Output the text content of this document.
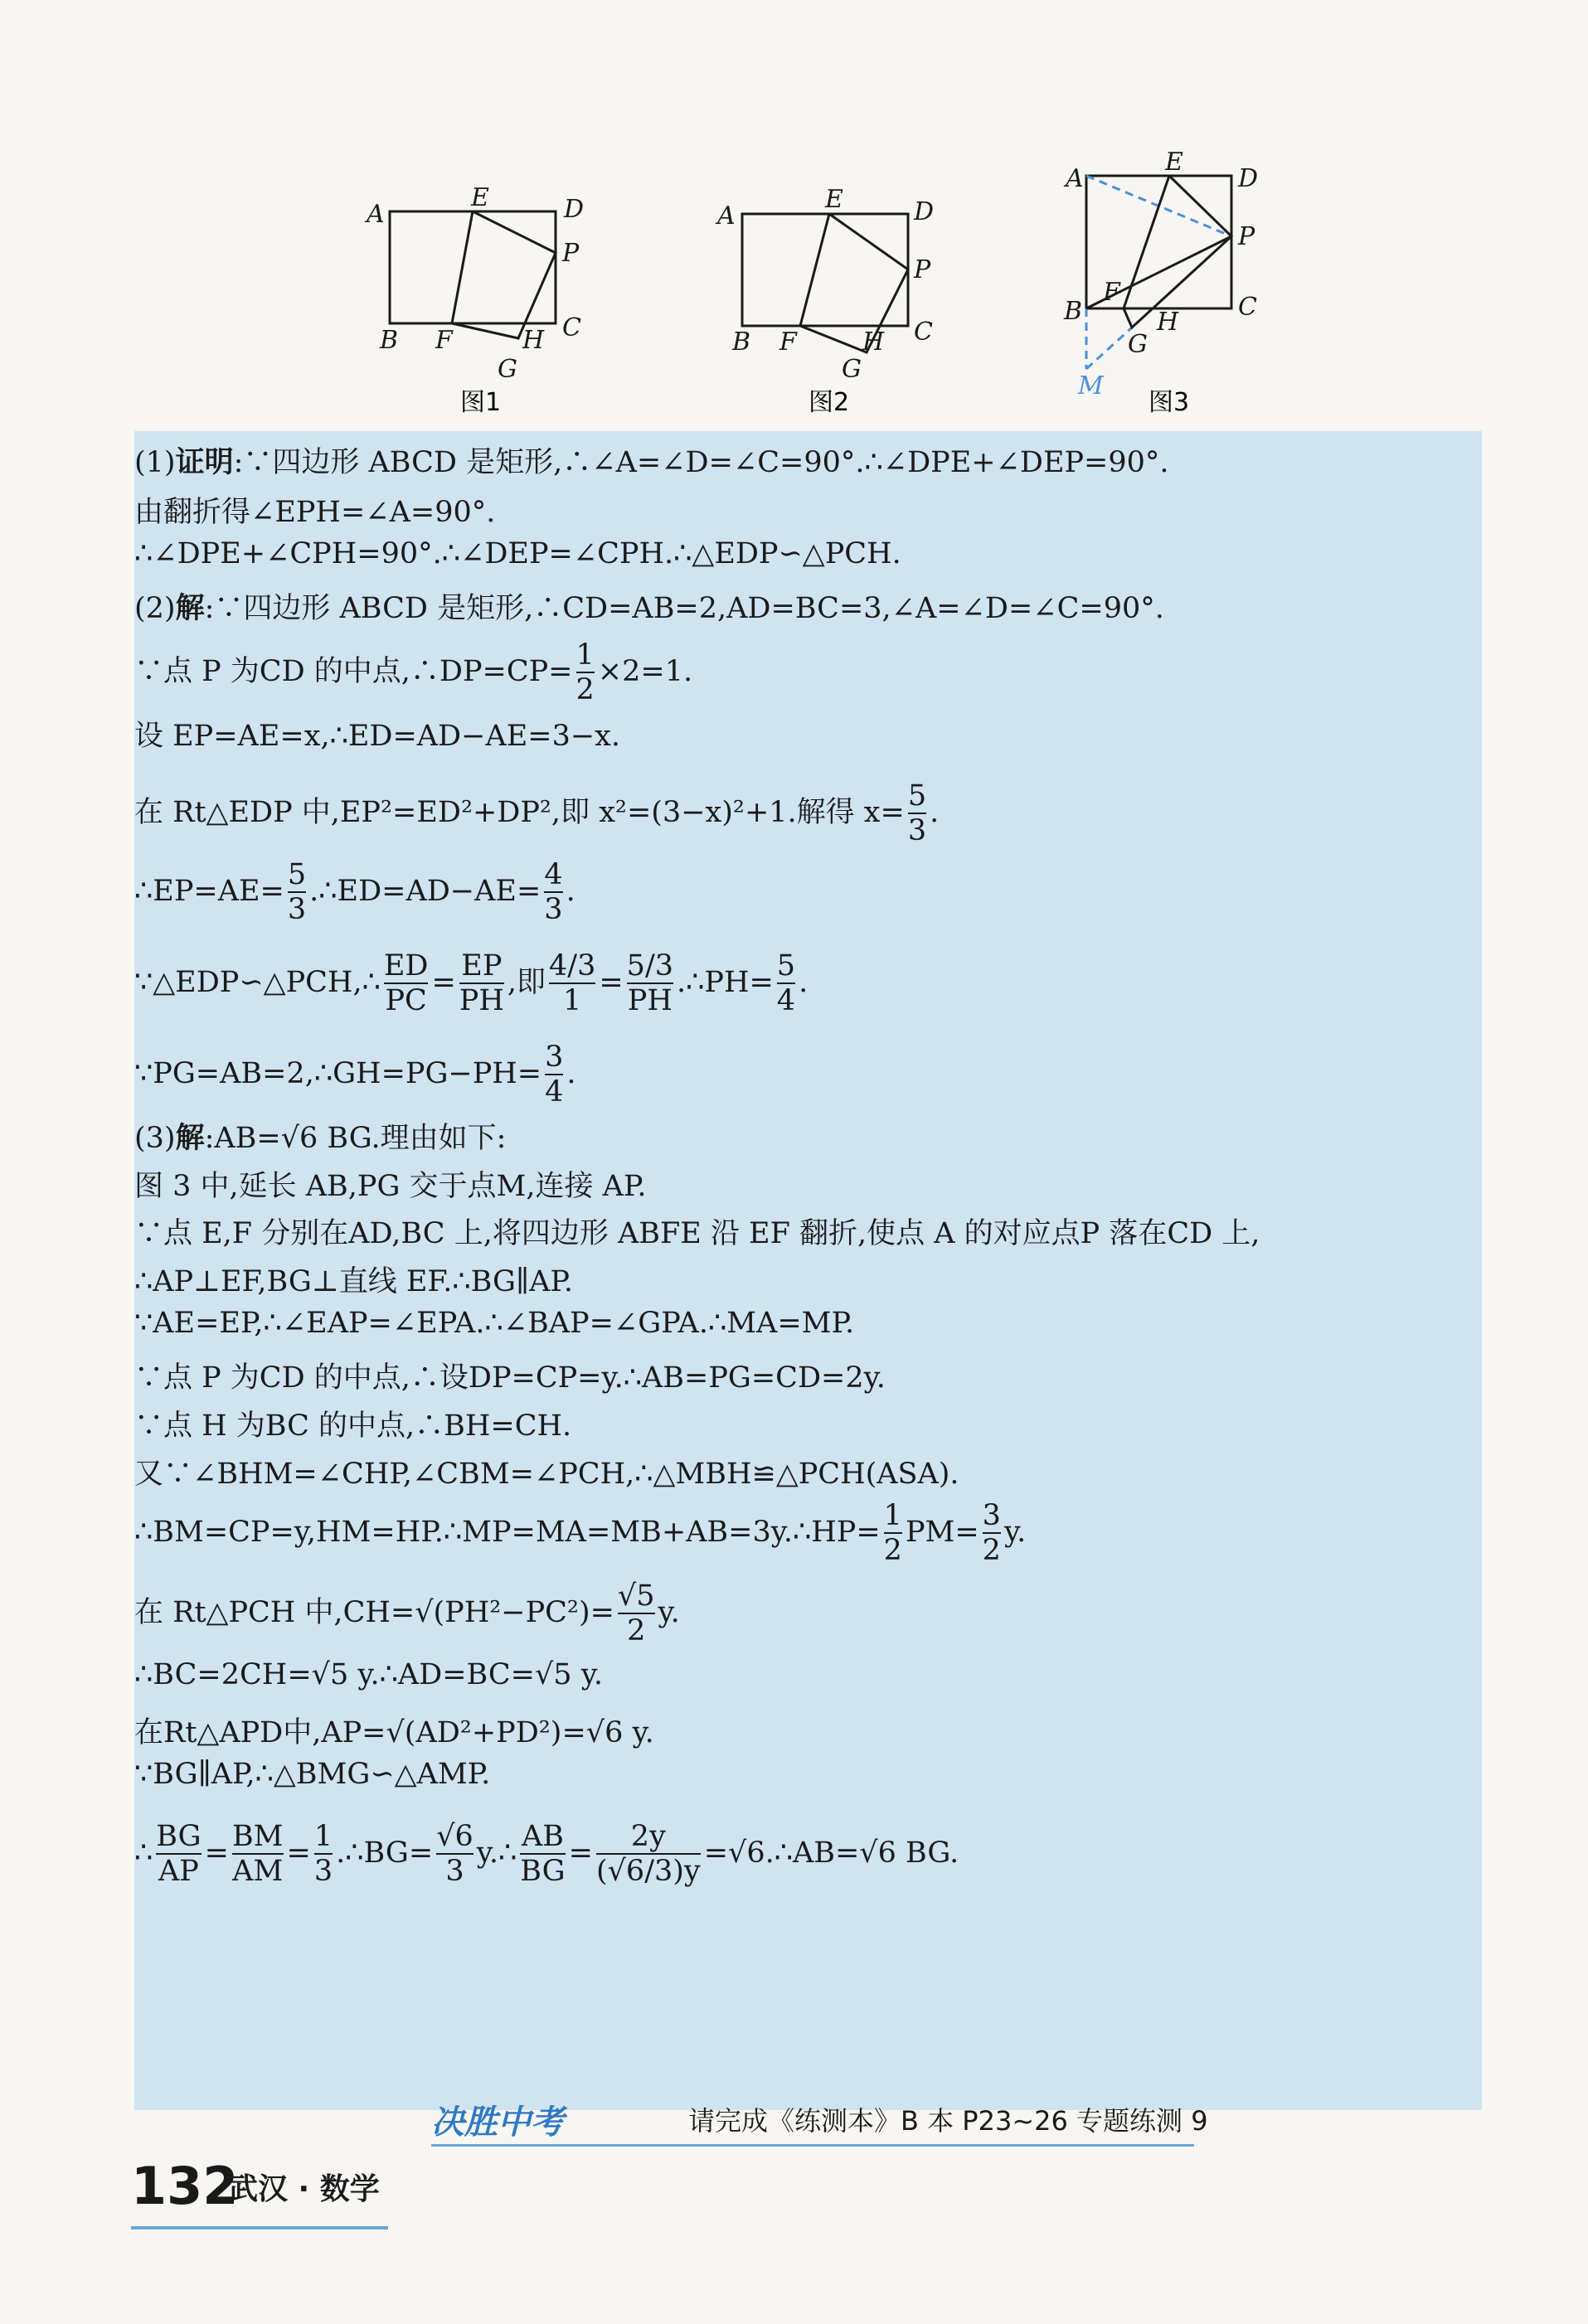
A
E	D
P
C
B F	H
G
A
E	D
P
C
B F	H
G
A
E
D
P
C
B
F
H
G
M
图1	图2	图3
(1)证明:∵四边形 ABCD 是矩形,∴∠A=∠D=∠C=90°.∴∠DPE+∠DEP=90°.
由翻折得∠EPH=∠A=90°.
∴∠DPE+∠CPH=90°.∴∠DEP=∠CPH.∴△EDP∽△PCH.
(2)解:∵四边形 ABCD 是矩形,∴CD=AB=2,AD=BC=3,∠A=∠D=∠C=90°.
∵点 P 为CD 的中点,∴DP=CP= $\frac{1}{2} \times 2=1$.
设 EP=AE=x,∴ED=AD−AE=3−x.
在 Rt△EDP 中,EP²=ED²+DP²,即 x²=(3−x)²+1.解得 $x= \frac{5}{3}$ .
∴EP=AE= $\frac{5}{3}$ .∴ED=AD−AE= $\frac{4}{3}$ .
∵△EDP∽△PCH,∴ $\frac{ED}{PC} = \frac{EP}{PH}$ ,即 $\frac{4/3}{1} = \frac{5/3}{PH}$ .∴PH= $\frac{5}{4}$ .
∵PG=AB=2,∴GH=PG−PH= $\frac{3}{4}$ .
(3)解:AB=√6 BG.理由如下:
图 3 中,延长 AB,PG 交于点M,连接 AP.
∵点 E,F 分别在AD,BC 上,将四边形 ABFE 沿 EF 翻折,使点 A 的对应点P 落在CD 上,
∴AP⊥EF,BG⊥直线 EF.∴BG∥AP.
∵AE=EP,∴∠EAP=∠EPA.∴∠BAP=∠GPA.∴MA=MP.
∵点 P 为CD 的中点,∴设DP=CP=y.∴AB=PG=CD=2y.
∵点 H 为BC 的中点,∴BH=CH.
又∵∠BHM=∠CHP,∠CBM=∠PCH,∴△MBH≌△PCH(ASA).
∴BM=CP=y,HM=HP.∴MP=MA=MB+AB=3y.∴HP= $\frac{1}{2} PM= \frac{3}{2} y$.
在 Rt△PCH 中$,CH=√(PH^2-PC^2)= \frac{√5}{2} y$.
∴BC=2CH=√5 y.∴AD=BC=√5 y.
在Rt△APD中,AP=√(AD²+PD²)=√6 y.
∵BG∥AP,∴△BMG∽△AMP.
∴ $\frac{BG}{AP} = \frac{BM}{AM} = \frac{1}{3}$ .∴BG= $\frac{√6}{3}$ y.∴ $\frac{AB}{BG} = \frac{2y}{(√6/3)y}$ =√6.∴AB=√6 BG.
决胜中考	请完成《练测本》B 本 P23~26 专题练测 9
132
武汉 · 数学
